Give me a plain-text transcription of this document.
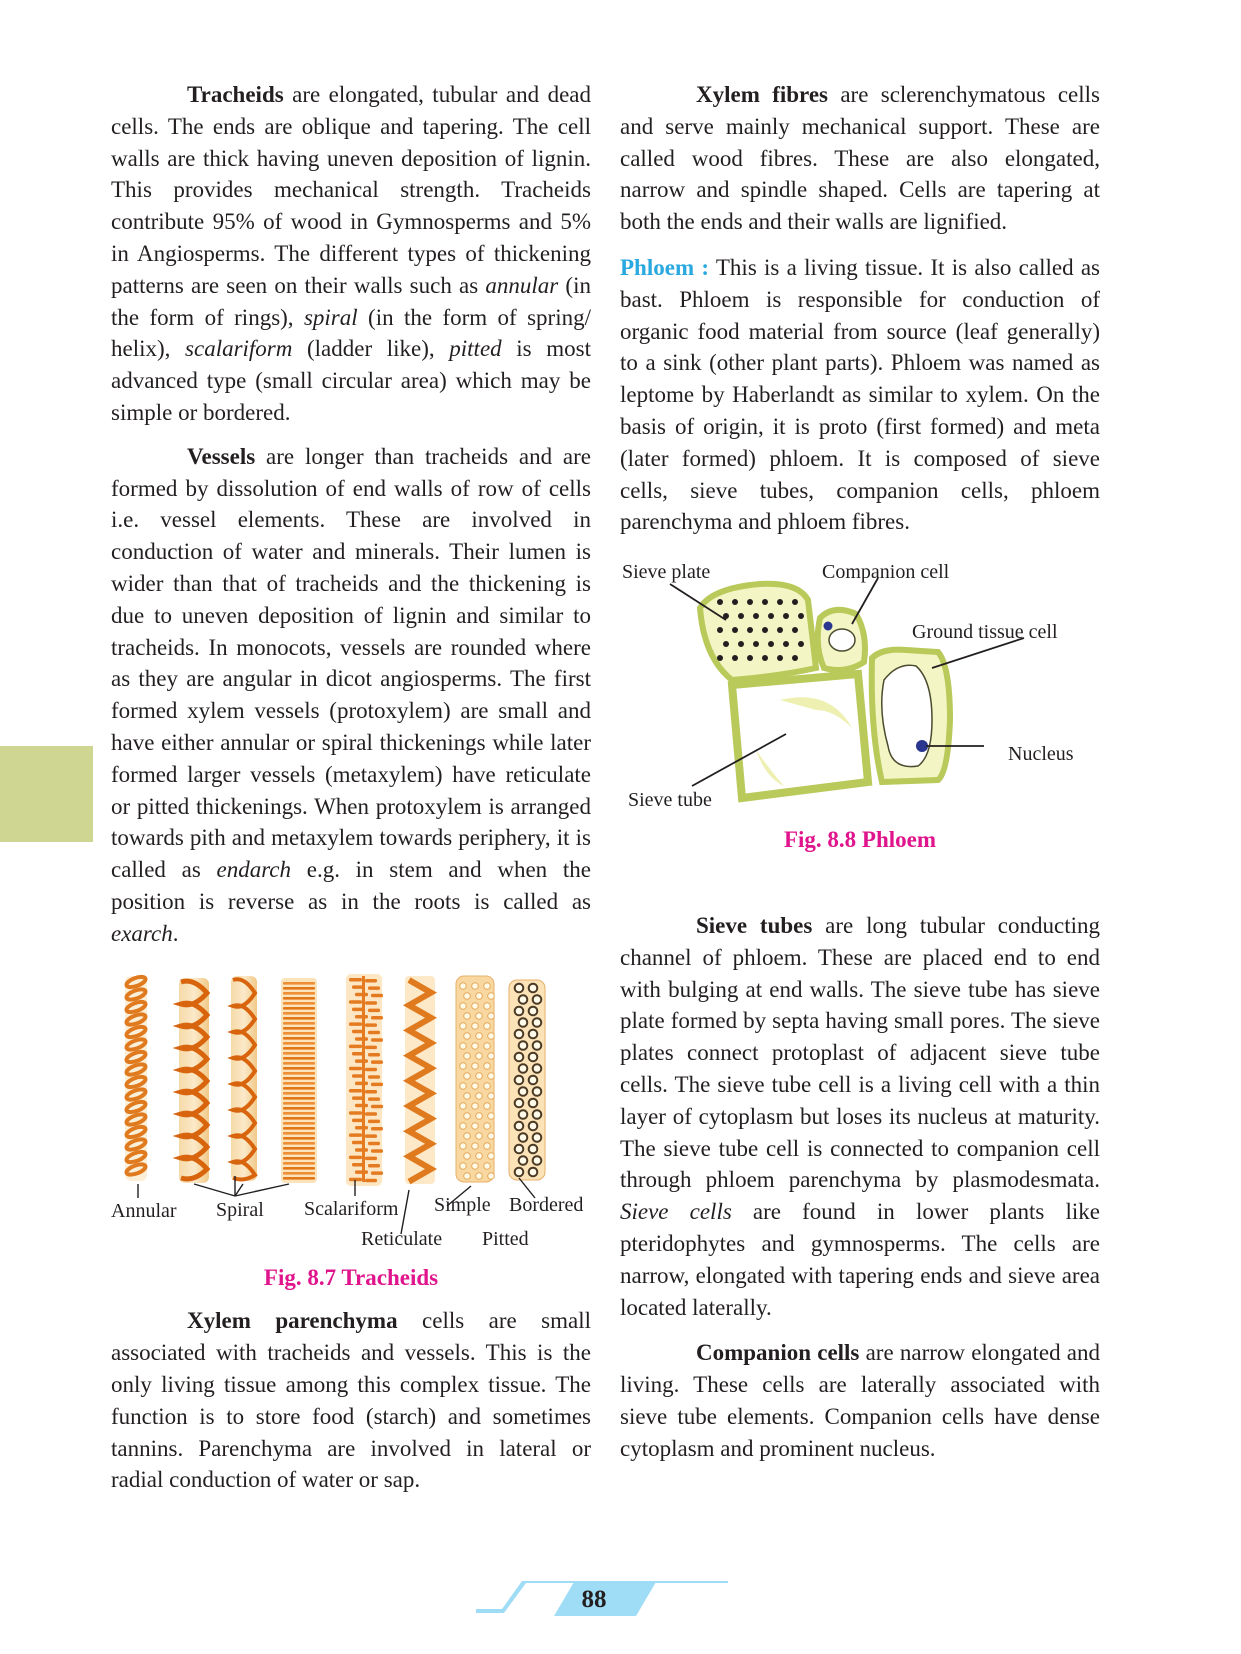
Tracheids are elongated, tubular and dead cells. The ends are oblique and tapering. The cell walls are thick having uneven deposition of lignin. This provides mechanical strength. Tracheids contribute 95% of wood in Gymnosperms and 5% in Angiosperms. The different types of thickening patterns are seen on their walls such as annular (in the form of rings), spiral (in the form of spring/ helix), scalariform (ladder like), pitted is most advanced type (small circular area) which may be simple or bordered.

Vessels are longer than tracheids and are formed by dissolution of end walls of row of cells i.e. vessel elements. These are involved in conduction of water and minerals. Their lumen is wider than that of tracheids and the thickening is due to uneven deposition of lignin and similar to tracheids. In monocots, vessels are rounded where as they are angular in dicot angiosperms. The first formed xylem vessels (protoxylem) are small and have either annular or spiral thickenings while later formed larger vessels (metaxylem) have reticulate or pitted thickenings. When protoxylem is arranged towards pith and metaxylem towards periphery, it is called as endarch e.g. in stem and when the position is reverse as in the roots is called as exarch.

Annular Spiral Scalariform Simple Bordered
Reticulate Pitted
Fig. 8.7 Tracheids

Xylem parenchyma cells are small associated with tracheids and vessels. This is the only living tissue among this complex tissue. The function is to store food (starch) and sometimes tannins. Parenchyma are involved in lateral or radial conduction of water or sap.

Xylem fibres are sclerenchymatous cells and serve mainly mechanical support. These are called wood fibres. These are also elongated, narrow and spindle shaped. Cells are tapering at both the ends and their walls are lignified.

Phloem : This is a living tissue. It is also called as bast. Phloem is responsible for conduction of organic food material from source (leaf generally) to a sink (other plant parts). Phloem was named as leptome by Haberlandt as similar to xylem. On the basis of origin, it is proto (first formed) and meta (later formed) phloem. It is composed of sieve cells, sieve tubes, companion cells, phloem parenchyma and phloem fibres.

Sieve plate	Companion cell
Ground tissue cell
Nucleus
Sieve tube
Fig. 8.8 Phloem

Sieve tubes are long tubular conducting channel of phloem. These are placed end to end with bulging at end walls. The sieve tube has sieve plate formed by septa having small pores. The sieve plates connect protoplast of adjacent sieve tube cells. The sieve tube cell is a living cell with a thin layer of cytoplasm but loses its nucleus at maturity. The sieve tube cell is connected to companion cell through phloem parenchyma by plasmodesmata. Sieve cells are found in lower plants like pteridophytes and gymnosperms. The cells are narrow, elongated with tapering ends and sieve area located laterally.

Companion cells are narrow elongated and living. These cells are laterally associated with sieve tube elements. Companion cells have dense cytoplasm and prominent nucleus.

88
